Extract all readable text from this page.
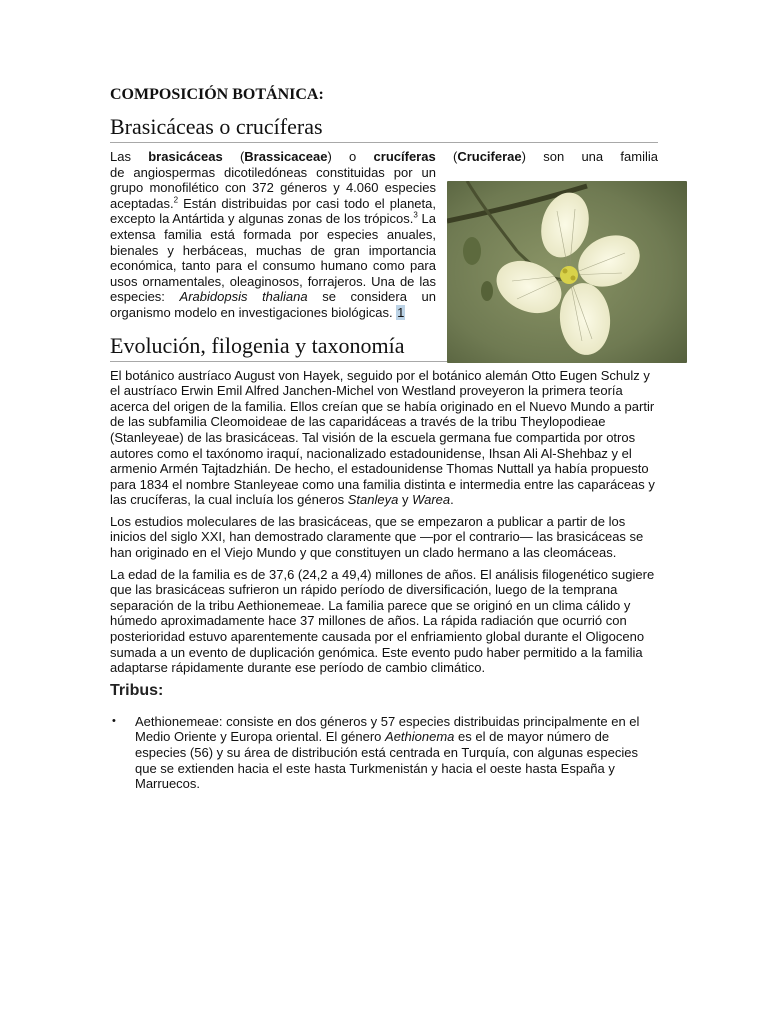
COMPOSICIÓN BOTÁNICA:
Brasicáceas o crucíferas

Las brasicáceas (Brassicaceae) o crucíferas (Cruciferae) son una familia

de angiospermas dicotiledóneas constituidas por un grupo monofilético con 372 géneros y 4.060 especies aceptadas.$^2$ Están distribuidas por casi todo el planeta, excepto la Antártida y algunas zonas de los trópicos.$^3$ La extensa familia está formada por especies anuales, bienales y herbáceas, muchas de gran importancia económica, tanto para el consumo humano como para usos ornamentales, oleaginosos, forrajeros. Una de las especies: Arabidopsis thaliana se considera un organismo modelo en investigaciones biológicas. 1

Evolución, filogenia y taxonomía

El botánico austríaco August von Hayek, seguido por el botánico alemán Otto Eugen Schulz y el austríaco Erwin Emil Alfred Janchen-Michel von Westland proveyeron la primera teoría acerca del origen de la familia. Ellos creían que se había originado en el Nuevo Mundo a partir de las subfamilia Cleomoideae de las caparidáceas a través de la tribu Theylopodieae (Stanleyeae) de las brasicáceas. Tal visión de la escuela germana fue compartida por otros autores como el taxónomo iraquí, nacionalizado estadounidense, Ihsan Ali Al-Shehbaz y el armenio Armén Tajtadzhián. De hecho, el estadounidense Thomas Nuttall ya había propuesto para 1834 el nombre Stanleyeae como una familia distinta e intermedia entre las caparáceas y las crucíferas, la cual incluía los géneros Stanleya y Warea.

Los estudios moleculares de las brasicáceas, que se empezaron a publicar a partir de los inicios del siglo XXI, han demostrado claramente que —por el contrario— las brasicáceas se han originado en el Viejo Mundo y que constituyen un clado hermano a las cleomáceas.

La edad de la familia es de 37,6 (24,2 a 49,4) millones de años. El análisis filogenético sugiere que las brasicáceas sufrieron un rápido período de diversificación, luego de la temprana separación de la tribu Aethionemeae. La familia parece que se originó en un clima cálido y húmedo aproximadamente hace 37 millones de años. La rápida radiación que ocurrió con posterioridad estuvo aparentemente causada por el enfriamiento global durante el Oligoceno sumada a un evento de duplicación genómica. Este evento pudo haber permitido a la familia adaptarse rápidamente durante ese período de cambio climático.

Tribus:
• Aethionemeae: consiste en dos géneros y 57 especies distribuidas principalmente en el Medio Oriente y Europa oriental. El género Aethionema es el de mayor número de especies (56) y su área de distribución está centrada en Turquía, con algunas especies que se extienden hacia el este hasta Turkmenistán y hacia el oeste hasta España y Marruecos.
